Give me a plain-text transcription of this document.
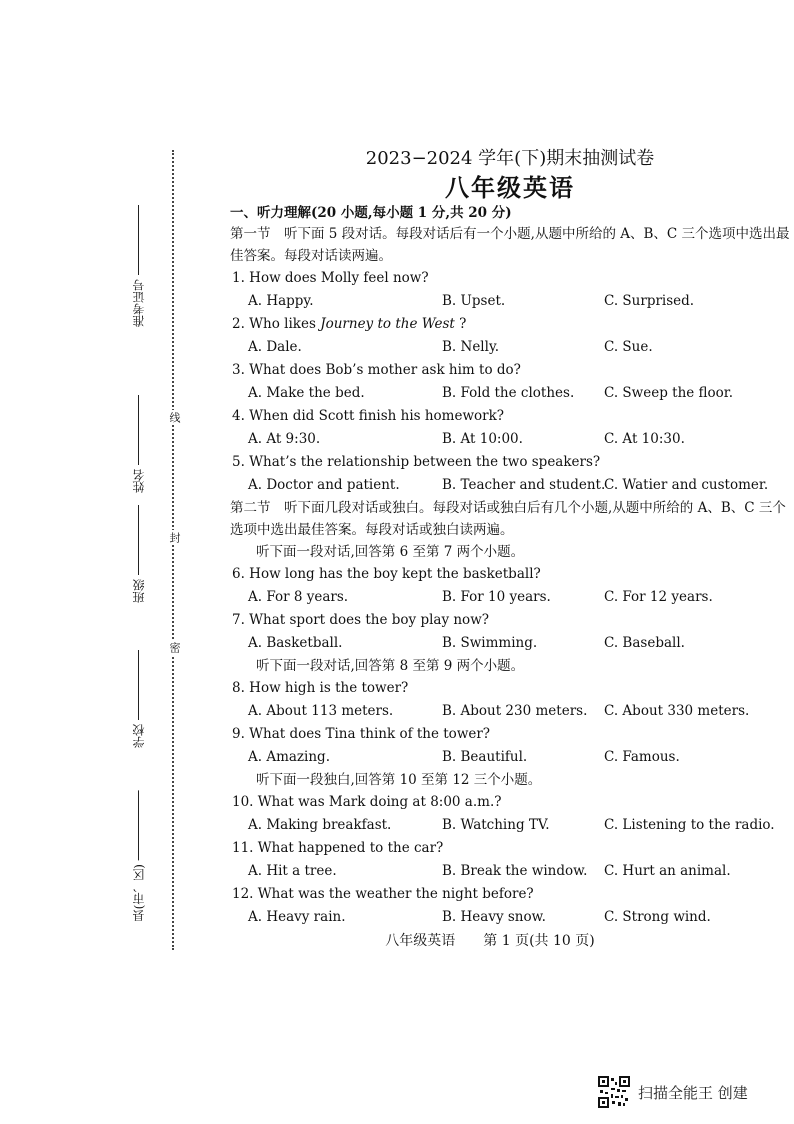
线
封
密
准考证号
姓名
班级
学校
县(市、区)
2023−2024 学年(下)期末抽测试卷
八年级英语
一、听力理解(20 小题,每小题 1 分,共 20 分)
第一节　听下面 5 段对话。每段对话后有一个小题,从题中所给的 A、B、C 三个选项中选出最佳答案。每段对话读两遍。
1. How does Molly feel now?
A. Happy.	B. Upset.	C. Surprised.
2. Who likes Journey to the West ?
A. Dale.	B. Nelly.	C. Sue.
3. What does Bob’s mother ask him to do?
A. Make the bed.	B. Fold the clothes. C. Sweep the floor.
4. When did Scott finish his homework?
A. At 9:30.	B. At 10:00.	C. At 10:30.
5. What’s the relationship between the two speakers?
A. Doctor and patient.	B. Teacher and student.
C. Watier and customer.
第二节　听下面几段对话或独白。每段对话或独白后有几个小题,从题中所给的 A、B、C 三个选项中选出最佳答案。每段对话或独白读两遍。
听下面一段对话,回答第 6 至第 7 两个小题。
6. How long has the boy kept the basketball?
A. For 8 years.	B. For 10 years.	C. For 12 years.
7. What sport does the boy play now?
A. Basketball.	B. Swimming.	C. Baseball.
听下面一段对话,回答第 8 至第 9 两个小题。
8. How high is the tower?
A. About 113 meters.	B. About 230 meters. C. About 330 meters.
9. What does Tina think of the tower?
A. Amazing.	B. Beautiful.	C. Famous.
听下面一段独白,回答第 10 至第 12 三个小题。
10. What was Mark doing at 8:00 a.m.?
A. Making breakfast.	B. Watching TV.	C. Listening to the radio.
11. What happened to the car?
A. Hit a tree.	B. Break the window. C. Hurt an animal.
12. What was the weather the night before?
A. Heavy rain.	B. Heavy snow.	C. Strong wind.
八年级英语　　第 1 页(共 10 页)
扫描全能王 创建
